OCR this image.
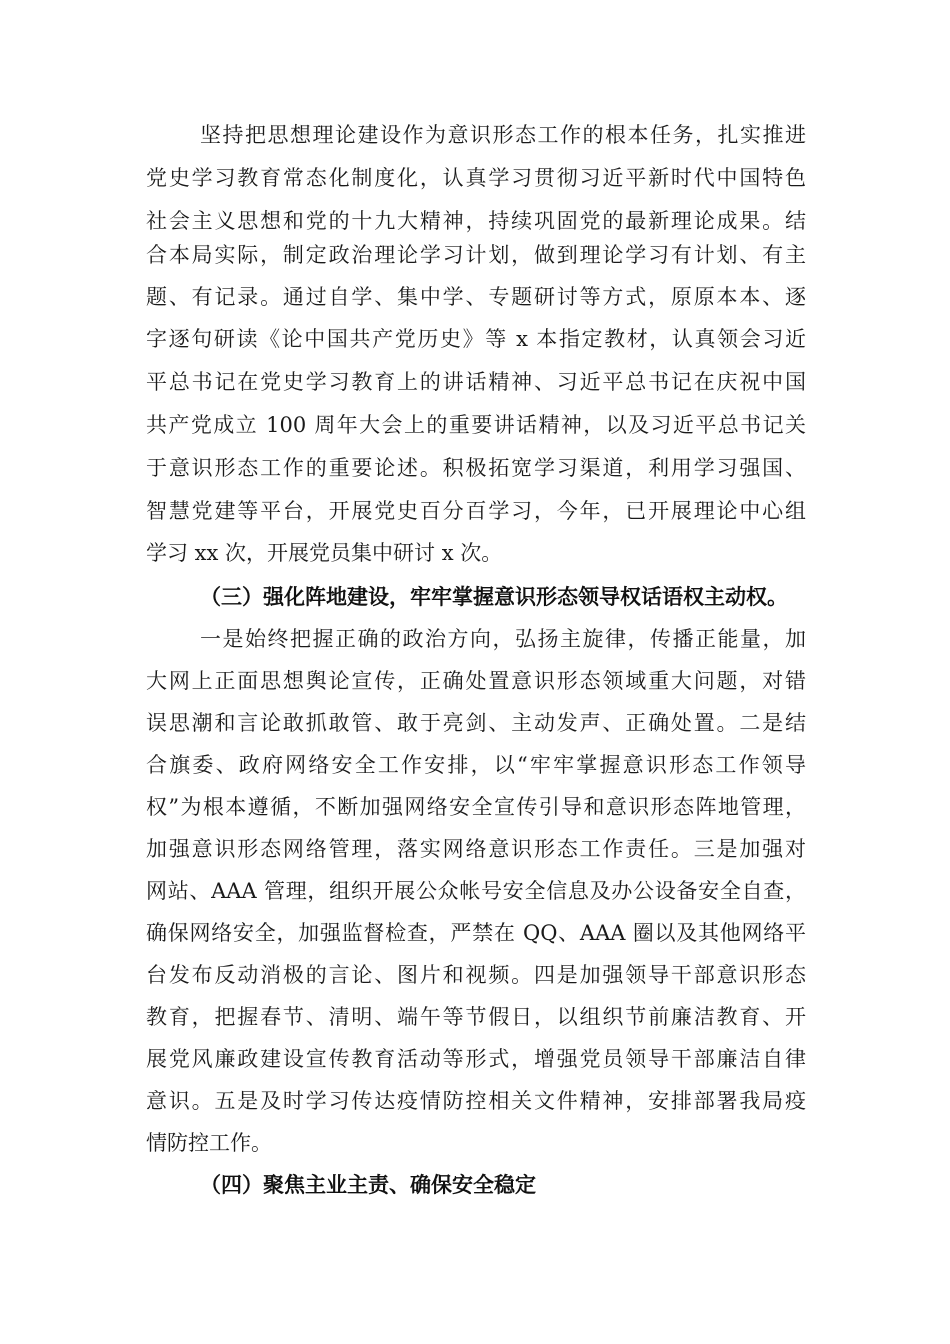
坚持把思想理论建设作为意识形态工作的根本任务，扎实推进
党史学习教育常态化制度化，认真学习贯彻习近平新时代中国特色
社会主义思想和党的十九大精神，持续巩固党的最新理论成果。结
合本局实际，制定政治理论学习计划，做到理论学习有计划、有主
题、有记录。通过自学、集中学、专题研讨等方式，原原本本、逐
字逐句研读《论中国共产党历史》等 x 本指定教材，认真领会习近
平总书记在党史学习教育上的讲话精神、习近平总书记在庆祝中国
共产党成立 100 周年大会上的重要讲话精神，以及习近平总书记关
于意识形态工作的重要论述。积极拓宽学习渠道，利用学习强国、
智慧党建等平台，开展党史百分百学习，今年，已开展理论中心组
学习 xx 次，开展党员集中研讨 x 次。
（三）强化阵地建设，牢牢掌握意识形态领导权话语权主动权。
一是始终把握正确的政治方向，弘扬主旋律，传播正能量，加
大网上正面思想舆论宣传，正确处置意识形态领域重大问题，对错
误思潮和言论敢抓敢管、敢于亮剑、主动发声、正确处置。二是结
合旗委、政府网络安全工作安排，以“牢牢掌握意识形态工作领导
权”为根本遵循，不断加强网络安全宣传引导和意识形态阵地管理，
加强意识形态网络管理，落实网络意识形态工作责任。三是加强对
网站、AAA 管理，组织开展公众帐号安全信息及办公设备安全自查，
确保网络安全，加强监督检查，严禁在 QQ、AAA 圈以及其他网络平
台发布反动消极的言论、图片和视频。四是加强领导干部意识形态
教育，把握春节、清明、端午等节假日，以组织节前廉洁教育、开
展党风廉政建设宣传教育活动等形式，增强党员领导干部廉洁自律
意识。五是及时学习传达疫情防控相关文件精神，安排部署我局疫
情防控工作。
（四）聚焦主业主责、确保安全稳定
